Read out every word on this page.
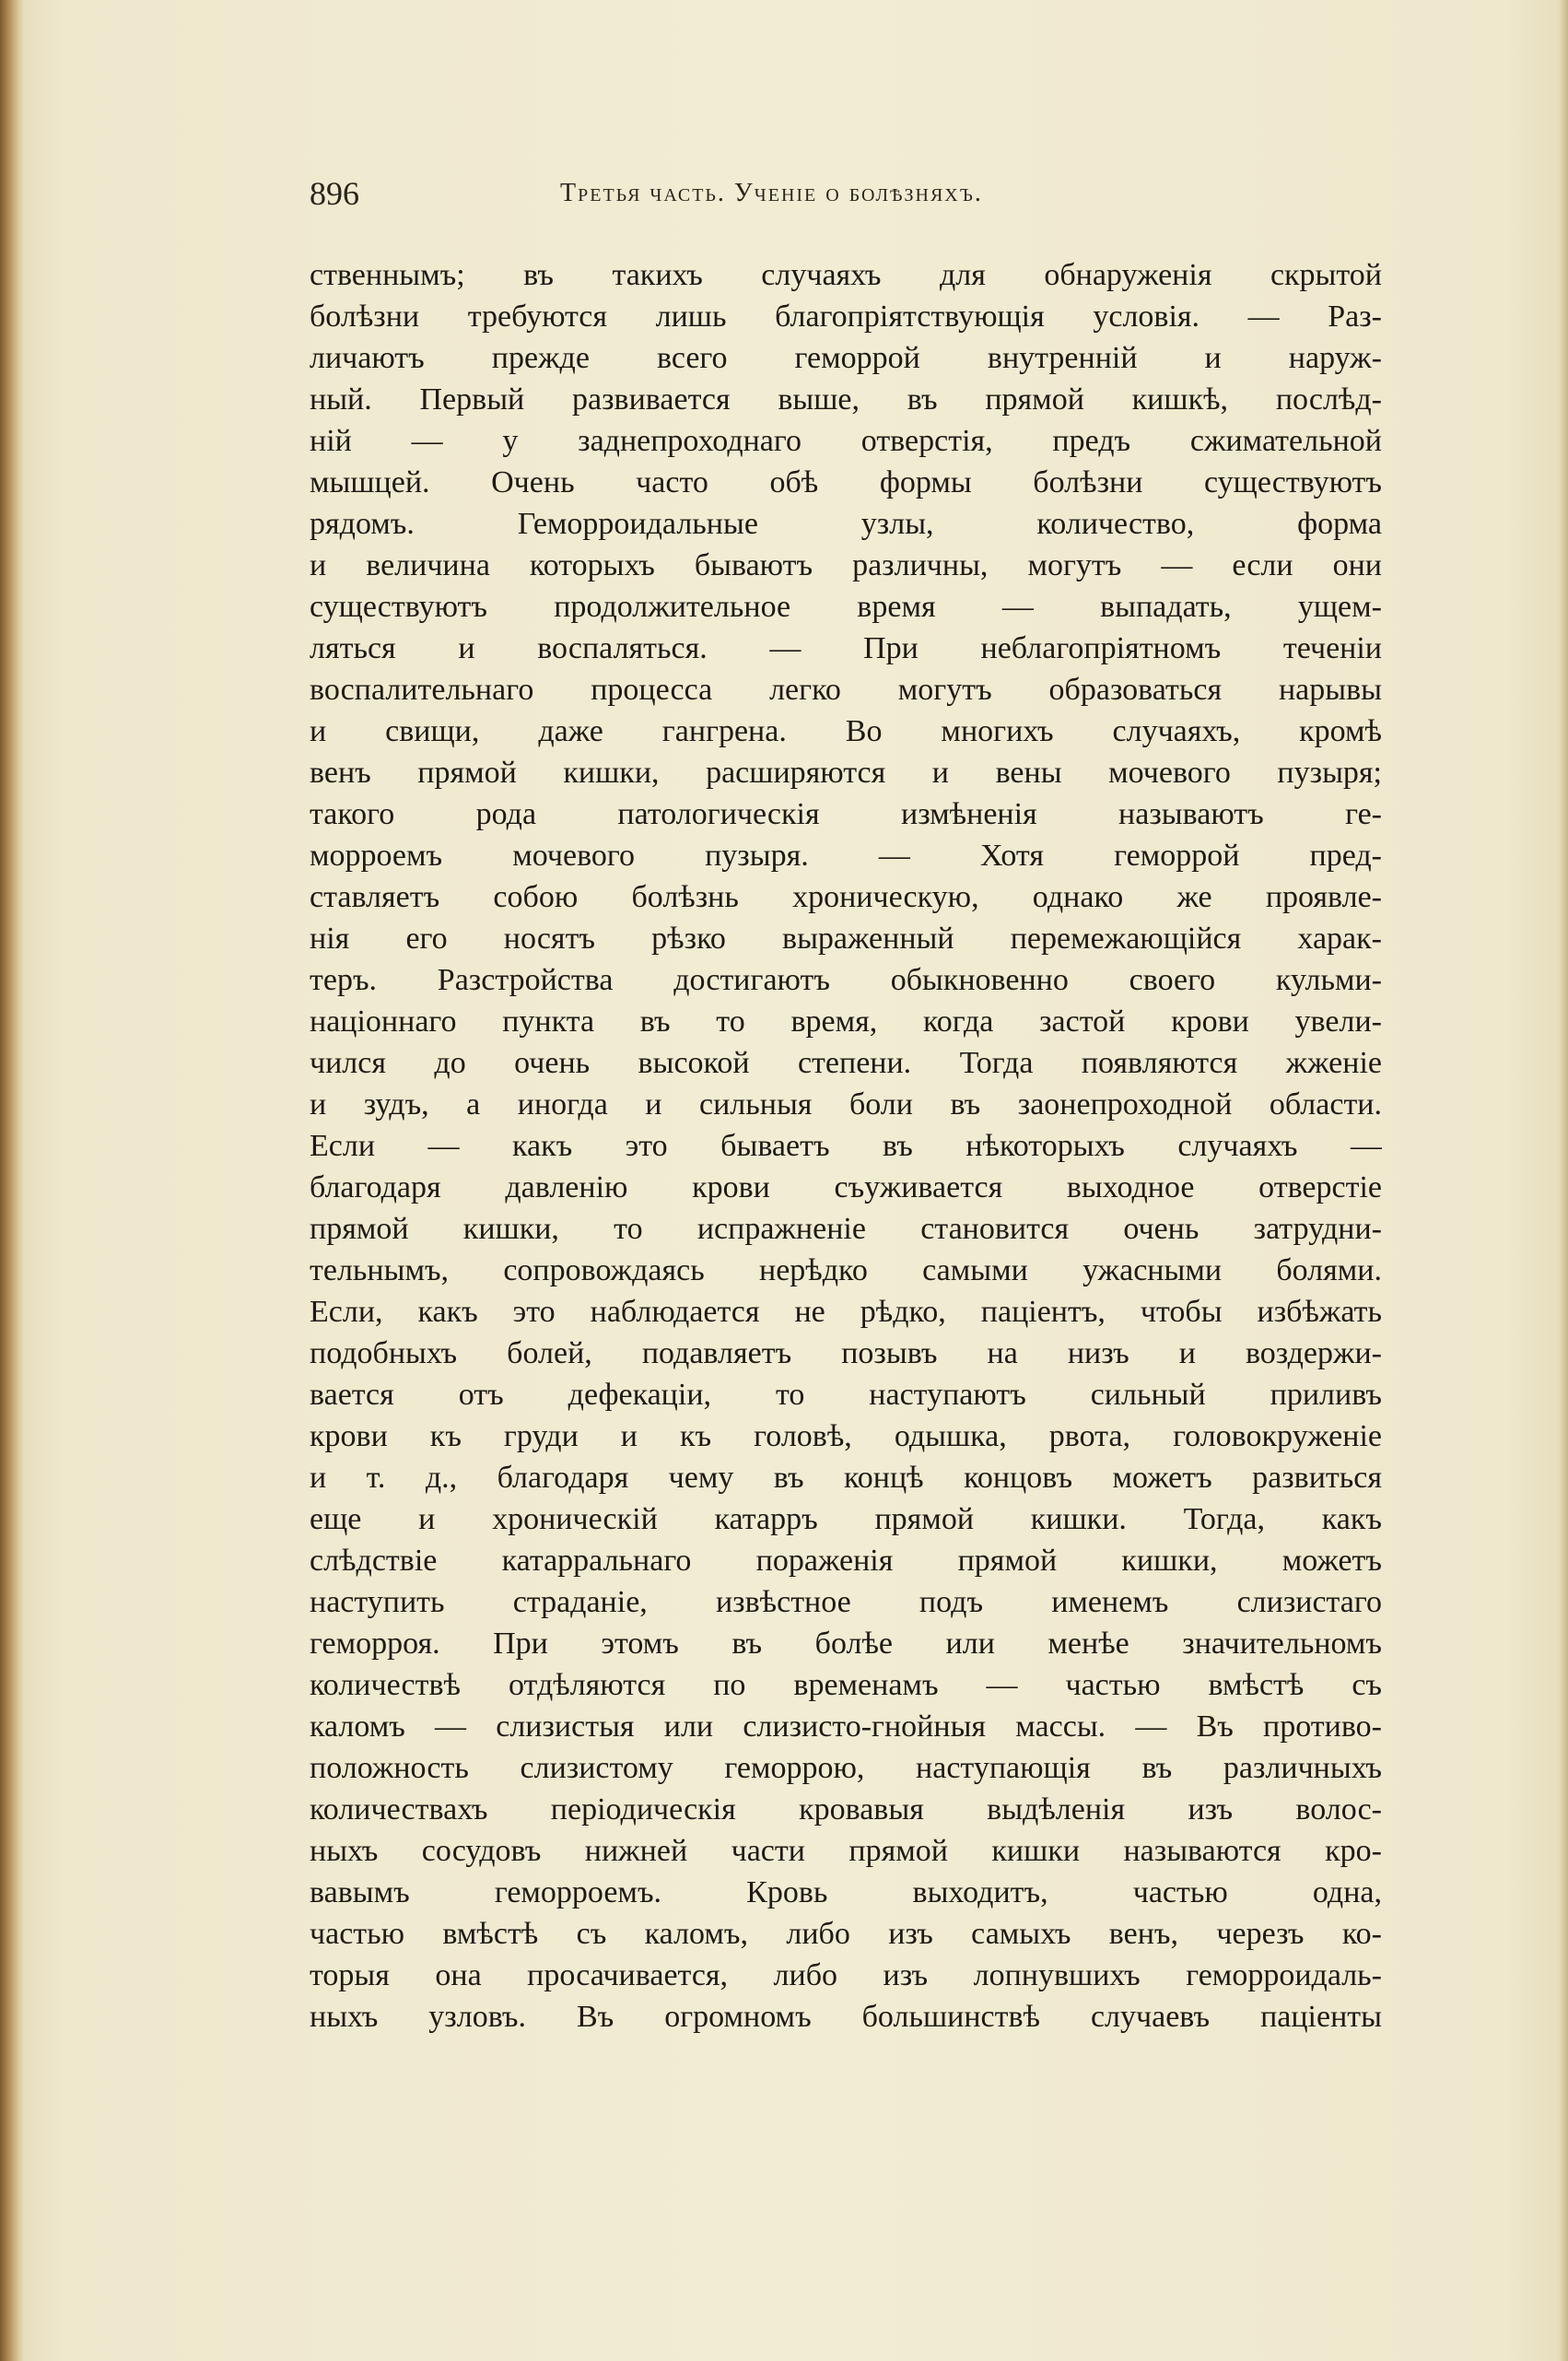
896	Третья часть. Ученіе о болѣзняхъ.
ственнымъ; въ такихъ случаяхъ для обнаруженія скрытой
болѣзни требуются лишь благопріятствующія условія. — Раз-
личаютъ прежде всего геморрой внутренній и наруж-
ный. Первый развивается выше, въ прямой кишкѣ, послѣд-
ній — у заднепроходнаго отверстія, предъ сжимательной
мышцей. Очень часто обѣ формы болѣзни существуютъ
рядомъ. Геморроидальные узлы, количество, форма
и величина которыхъ бываютъ различны, могутъ — если они
существуютъ продолжительное время — выпадать, ущем-
ляться и воспаляться. — При неблагопріятномъ теченіи
воспалительнаго процесса легко могутъ образоваться нарывы
и свищи, даже гангрена. Во многихъ случаяхъ, кромѣ
венъ прямой кишки, расширяются и вены мочевого пузыря;
такого рода патологическія измѣненія называютъ ге-
морроемъ мочевого пузыря. — Хотя геморрой пред-
ставляетъ собою болѣзнь хроническую, однако же проявле-
нія его носятъ рѣзко выраженный перемежающійся харак-
теръ. Разстройства достигаютъ обыкновенно своего кульми-
націоннаго пункта въ то время, когда застой крови увели-
чился до очень высокой степени. Тогда появляются жженіе
и зудъ, а иногда и сильныя боли въ заонепроходной области.
Если — какъ это бываетъ въ нѣкоторыхъ случаяхъ —
благодаря давленію крови съуживается выходное отверстіе
прямой кишки, то испражненіе становится очень затрудни-
тельнымъ, сопровождаясь нерѣдко самыми ужасными болями.
Если, какъ это наблюдается не рѣдко, паціентъ, чтобы избѣжать
подобныхъ болей, подавляетъ позывъ на низъ и воздержи-
вается отъ дефекаціи, то наступаютъ сильный приливъ
крови къ груди и къ головѣ, одышка, рвота, головокруженіе
и т. д., благодаря чему въ концѣ концовъ можетъ развиться
еще и хроническій катарръ прямой кишки. Тогда, какъ
слѣдствіе катарральнаго пораженія прямой кишки, можетъ
наступить страданіе, извѣстное подъ именемъ слизистаго
геморроя. При этомъ въ болѣе или менѣе значительномъ
количествѣ отдѣляются по временамъ — частью вмѣстѣ съ
каломъ — слизистыя или слизисто-гнойныя массы. — Въ противо-
положность слизистому геморрою, наступающія въ различныхъ
количествахъ періодическія кровавыя выдѣленія изъ волос-
ныхъ сосудовъ нижней части прямой кишки называются кро-
вавымъ геморроемъ. Кровь выходитъ, частью одна,
частью вмѣстѣ съ каломъ, либо изъ самыхъ венъ, черезъ ко-
торыя она просачивается, либо изъ лопнувшихъ геморроидаль-
ныхъ узловъ. Въ огромномъ большинствѣ случаевъ паціенты
